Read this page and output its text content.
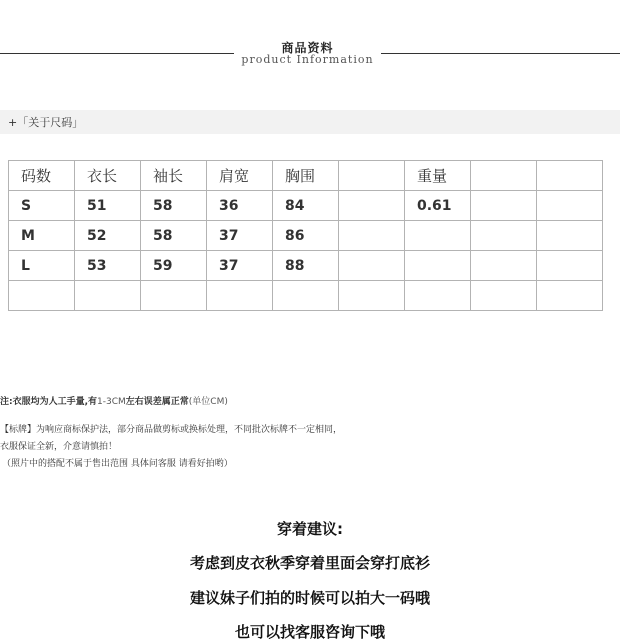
商品资料
product Information
+「关于尺码」
码数	衣长	袖长	肩宽	胸围		重量		
S	51	58	36	84		0.61		
M	52	58	37	86				
L	53	59	37	88				

注:衣服均为人工手量,有1-3CM左右误差属正常(单位CM)
【标牌】为响应商标保护法，部分商品做剪标或换标处理，不同批次标牌不一定相同，
衣服保证全新，介意请慎拍！
（照片中的搭配不属于售出范围 具体问客服 请看好拍哟）
穿着建议:
考虑到皮衣秋季穿着里面会穿打底衫
建议妹子们拍的时候可以拍大一码哦
也可以找客服咨询下哦
